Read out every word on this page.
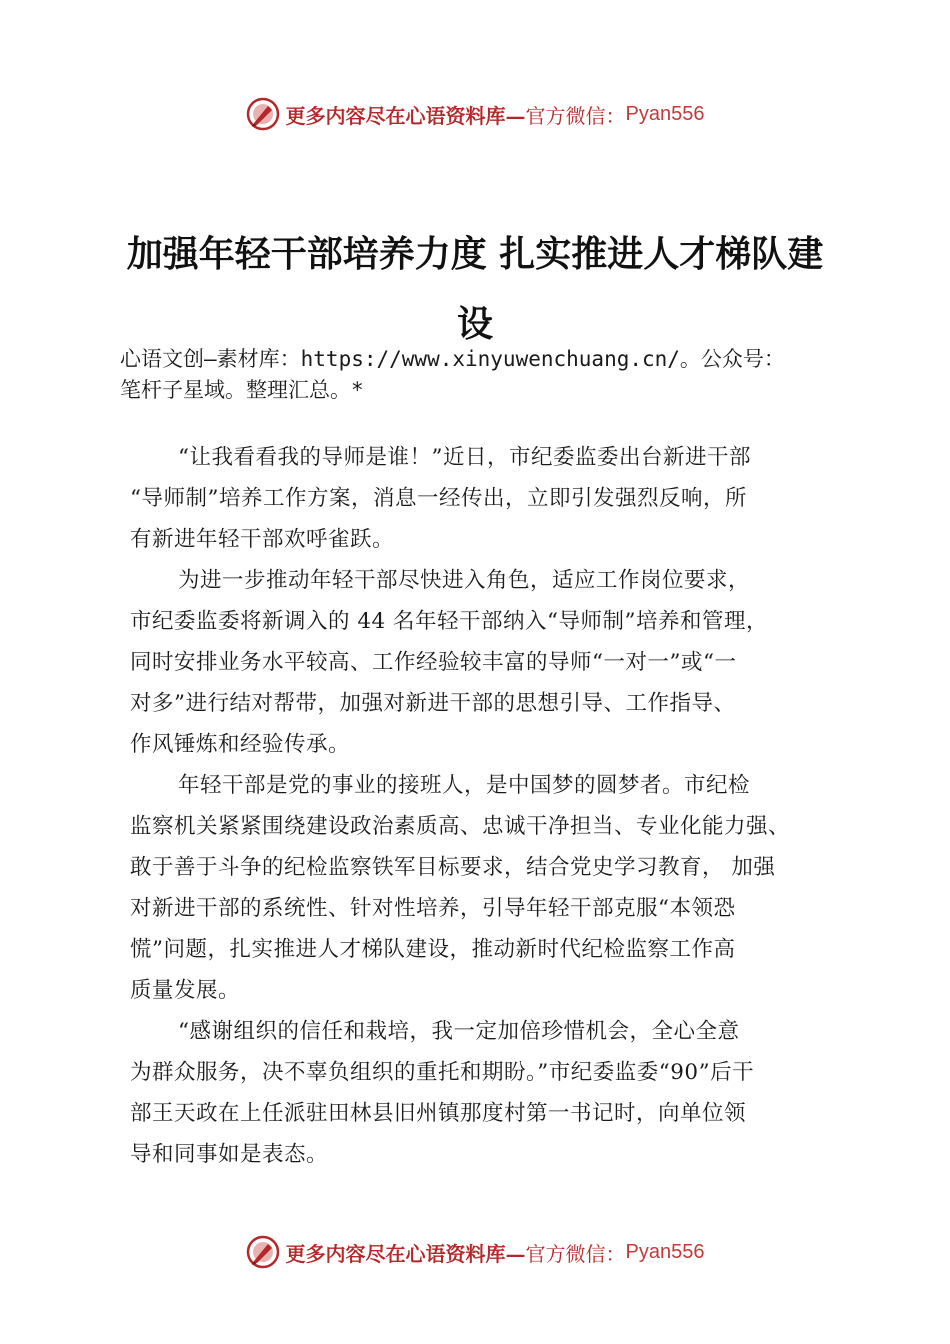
更多内容尽在心语资料库— 官方微信： Pyan556
加强年轻干部培养力度 扎实推进人才梯队建
设
心语文创—素材库：https://www.xinyuwenchuang.cn/。公众号：
笔杆子星域。整理汇总。*
“让我看看我的导师是谁！”近日，市纪委监委出台新进干部
“导师制”培养工作方案，消息一经传出，立即引发强烈反响，所
有新进年轻干部欢呼雀跃。
为进一步推动年轻干部尽快进入角色，适应工作岗位要求，
市纪委监委将新调入的 44 名年轻干部纳入“导师制”培养和管理，
同时安排业务水平较高、工作经验较丰富的导师“一对一”或“一
对多”进行结对帮带，加强对新进干部的思想引导、工作指导、
作风锤炼和经验传承。
年轻干部是党的事业的接班人，是中国梦的圆梦者。市纪检
监察机关紧紧围绕建设政治素质高、忠诚干净担当、专业化能力强、
敢于善于斗争的纪检监察铁军目标要求，结合党史学习教育， 加强
对新进干部的系统性、针对性培养，引导年轻干部克服“本领恐
慌”问题，扎实推进人才梯队建设，推动新时代纪检监察工作高
质量发展。
“感谢组织的信任和栽培，我一定加倍珍惜机会，全心全意
为群众服务，决不辜负组织的重托和期盼。”市纪委监委“90”后干
部王天政在上任派驻田林县旧州镇那度村第一书记时，向单位领
导和同事如是表态。
更多内容尽在心语资料库— 官方微信： Pyan556
